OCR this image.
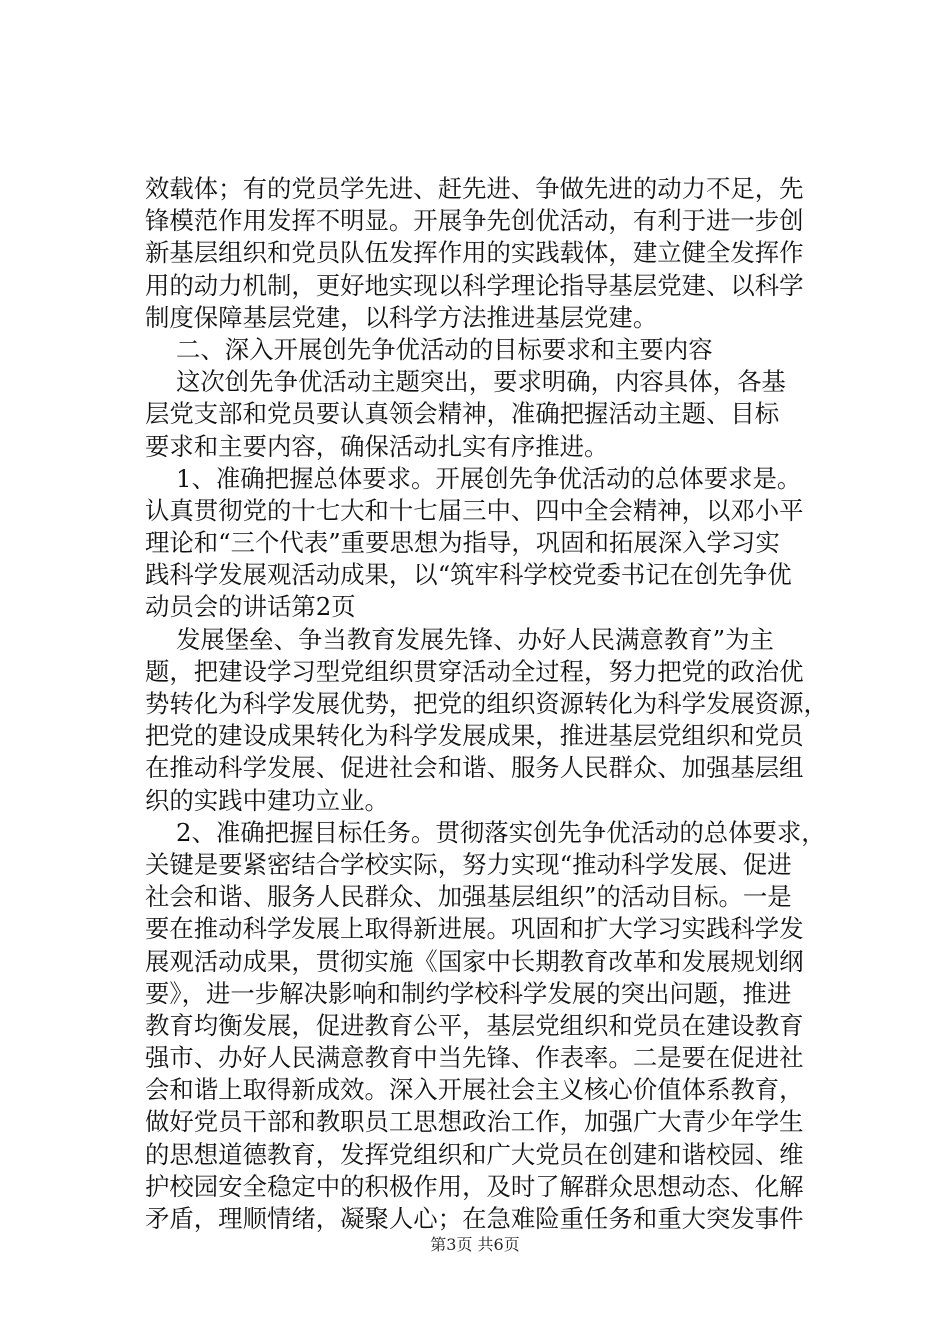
效载体；有的党员学先进、赶先进、争做先进的动力不足，先
锋模范作用发挥不明显。开展争先创优活动，有利于进一步创
新基层组织和党员队伍发挥作用的实践载体，建立健全发挥作
用的动力机制，更好地实现以科学理论指导基层党建、以科学
制度保障基层党建，以科学方法推进基层党建。
二、深入开展创先争优活动的目标要求和主要内容
这次创先争优活动主题突出，要求明确，内容具体，各基
层党支部和党员要认真领会精神，准确把握活动主题、目标
要求和主要内容，确保活动扎实有序推进。
1、准确把握总体要求。开展创先争优活动的总体要求是。
认真贯彻党的十七大和十七届三中、四中全会精神，以邓小平
理论和“三个代表”重要思想为指导，巩固和拓展深入学习实
践科学发展观活动成果，以“筑牢科学校党委书记在创先争优
动员会的讲话第2页
发展堡垒、争当教育发展先锋、办好人民满意教育”为主
题，把建设学习型党组织贯穿活动全过程，努力把党的政治优
势转化为科学发展优势，把党的组织资源转化为科学发展资源，
把党的建设成果转化为科学发展成果，推进基层党组织和党员
在推动科学发展、促进社会和谐、服务人民群众、加强基层组
织的实践中建功立业。
2、准确把握目标任务。贯彻落实创先争优活动的总体要求，
关键是要紧密结合学校实际，努力实现“推动科学发展、促进
社会和谐、服务人民群众、加强基层组织”的活动目标。一是
要在推动科学发展上取得新进展。巩固和扩大学习实践科学发
展观活动成果，贯彻实施《国家中长期教育改革和发展规划纲
要》，进一步解决影响和制约学校科学发展的突出问题，推进
教育均衡发展，促进教育公平，基层党组织和党员在建设教育
强市、办好人民满意教育中当先锋、作表率。二是要在促进社
会和谐上取得新成效。深入开展社会主义核心价值体系教育，
做好党员干部和教职员工思想政治工作，加强广大青少年学生
的思想道德教育，发挥党组织和广大党员在创建和谐校园、维
护校园安全稳定中的积极作用，及时了解群众思想动态、化解
矛盾，理顺情绪，凝聚人心；在急难险重任务和重大突发事件
第3页 共6页
